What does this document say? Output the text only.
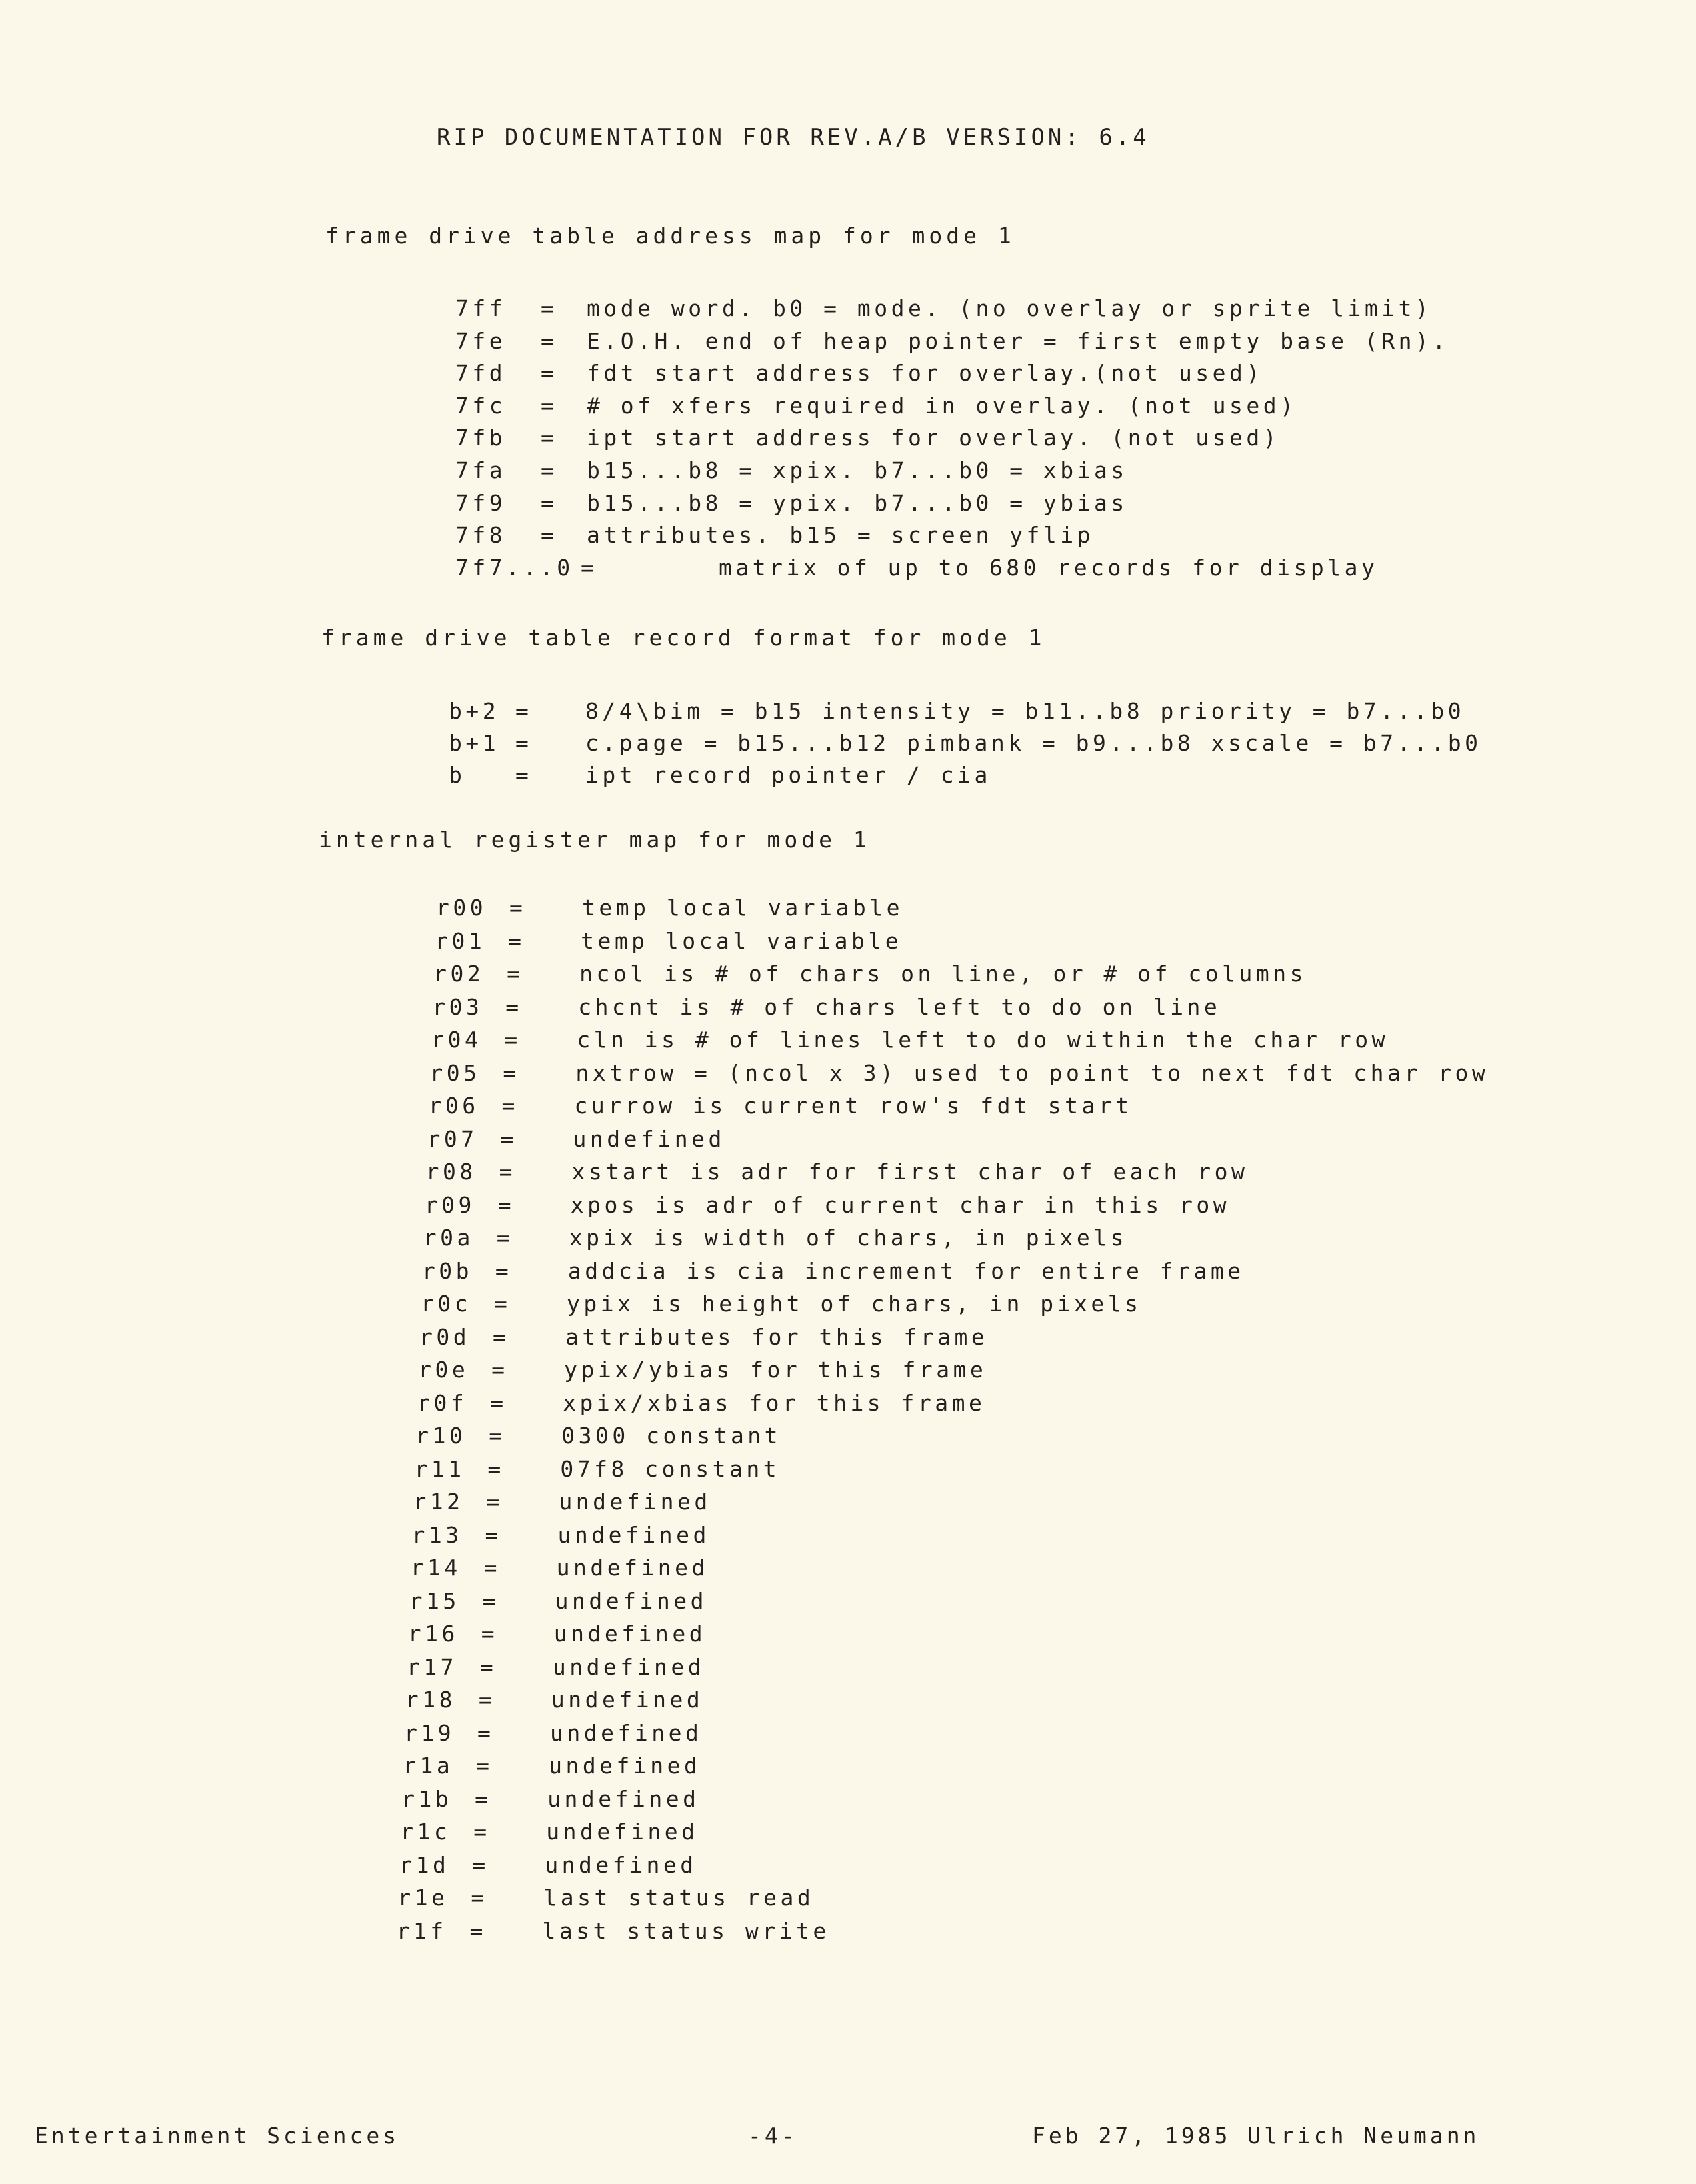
RIP DOCUMENTATION FOR REV.A/B VERSION: 6.4
frame drive table address map for mode 1
7ff = mode word. b0 = mode. (no overlay or sprite limit)
7fe = E.O.H. end of heap pointer = first empty base (Rn).
7fd = fdt start address for overlay.(not used)
7fc = # of xfers required in overlay. (not used)
7fb = ipt start address for overlay. (not used)
7fa = b15...b8 = xpix. b7...b0 = xbias
7f9 = b15...b8 = ypix. b7...b0 = ybias
7f8 = attributes. b15 = screen yflip
7f7...0 =	matrix of up to 680 records for display
frame drive table record format for mode 1
b+2 = 8/4\bim = b15 intensity = b11..b8 priority = b7...b0
b+1 = c.page = b15...b12 pimbank = b9...b8 xscale = b7...b0
b = ipt record pointer / cia
internal register map for mode 1
r00 =	temp local variable
r01 =	temp local variable
r02 =	ncol is # of chars on line, or # of columns
r03 =	chcnt is # of chars left to do on line
r04 =	cln is # of lines left to do within the char row
r05 =	nxtrow = (ncol x 3) used to point to next fdt char row
r06 =	currow is current row's fdt start
r07 =	undefined
r08 =	xstart is adr for first char of each row
r09 =	xpos is adr of current char in this row
r0a =	xpix is width of chars, in pixels
r0b =	addcia is cia increment for entire frame
r0c =	ypix is height of chars, in pixels
r0d =	attributes for this frame
r0e =	ypix/ybias for this frame
r0f =	xpix/xbias for this frame
r10 =	0300 constant
r11 =	07f8 constant
r12 =	undefined
r13 =	undefined
r14 =	undefined
r15 =	undefined
r16 =	undefined
r17 =	undefined
r18 =	undefined
r19 =	undefined
r1a =	undefined
r1b =	undefined
r1c =	undefined
r1d =	undefined
r1e =	last status read
r1f =	last status write
Entertainment Sciences	-4-	Feb 27, 1985 Ulrich Neumann
